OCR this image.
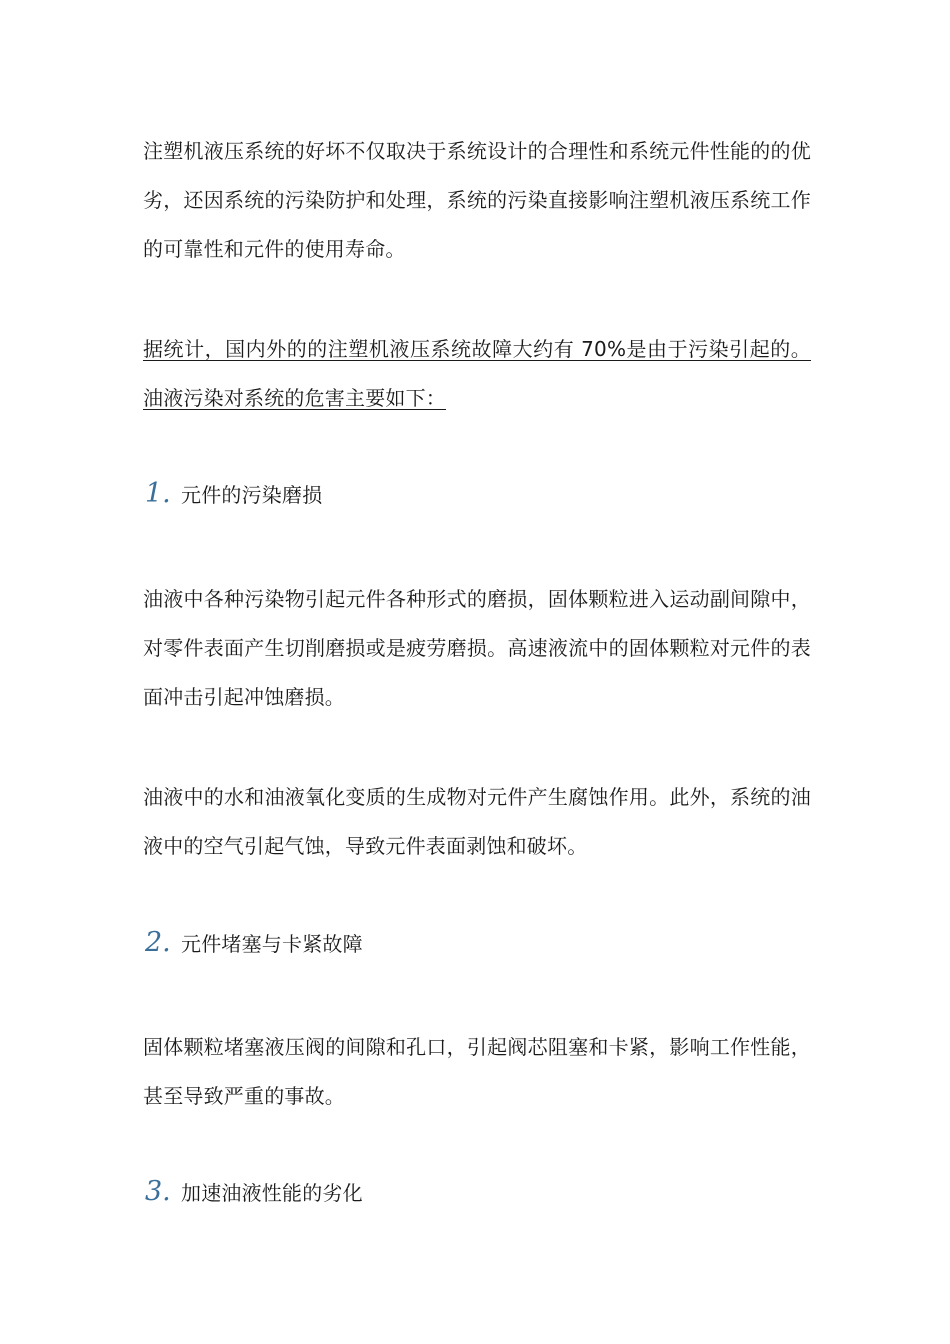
注塑机液压系统的好坏不仅取决于系统设计的合理性和系统元件性能的的优劣，还因系统的污染防护和处理，系统的污染直接影响注塑机液压系统工作的可靠性和元件的使用寿命。

据统计，国内外的的注塑机液压系统故障大约有 70%是由于污染引起的。油液污染对系统的危害主要如下：

1. 元件的污染磨损

油液中各种污染物引起元件各种形式的磨损，固体颗粒进入运动副间隙中，对零件表面产生切削磨损或是疲劳磨损。高速液流中的固体颗粒对元件的表面冲击引起冲蚀磨损。

油液中的水和油液氧化变质的生成物对元件产生腐蚀作用。此外，系统的油液中的空气引起气蚀，导致元件表面剥蚀和破坏。

2. 元件堵塞与卡紧故障

固体颗粒堵塞液压阀的间隙和孔口，引起阀芯阻塞和卡紧，影响工作性能，甚至导致严重的事故。

3. 加速油液性能的劣化
